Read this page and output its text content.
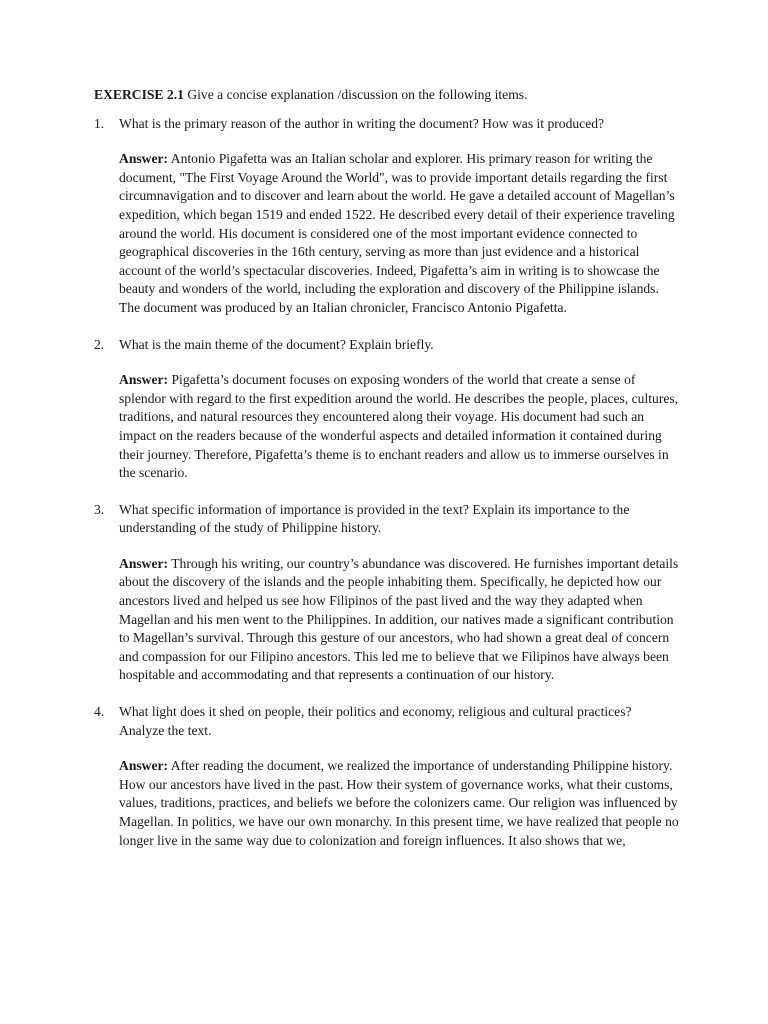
EXERCISE 2.1 Give a concise explanation /discussion on the following items.

1.	What is the primary reason of the author in writing the document? How was it produced?
Answer: Antonio Pigafetta was an Italian scholar and explorer. His primary reason for writing the document, "The First Voyage Around the World", was to provide important details regarding the first circumnavigation and to discover and learn about the world. He gave a detailed account of Magellan’s expedition, which began 1519 and ended 1522. He described every detail of their experience traveling around the world. His document is considered one of the most important evidence connected to geographical discoveries in the 16th century, serving as more than just evidence and a historical account of the world’s spectacular discoveries. Indeed, Pigafetta’s aim in writing is to showcase the beauty and wonders of the world, including the exploration and discovery of the Philippine islands. The document was produced by an Italian chronicler, Francisco Antonio Pigafetta.
2.	What is the main theme of the document? Explain briefly.
Answer: Pigafetta’s document focuses on exposing wonders of the world that create a sense of splendor with regard to the first expedition around the world. He describes the people, places, cultures, traditions, and natural resources they encountered along their voyage. His document had such an impact on the readers because of the wonderful aspects and detailed information it contained during their journey. Therefore, Pigafetta’s theme is to enchant readers and allow us to immerse ourselves in the scenario.
3.	What specific information of importance is provided in the text? Explain its importance to the understanding of the study of Philippine history.
Answer: Through his writing, our country’s abundance was discovered. He furnishes important details about the discovery of the islands and the people inhabiting them. Specifically, he depicted how our ancestors lived and helped us see how Filipinos of the past lived and the way they adapted when Magellan and his men went to the Philippines. In addition, our natives made a significant contribution to Magellan’s survival. Through this gesture of our ancestors, who had shown a great deal of concern and compassion for our Filipino ancestors. This led me to believe that we Filipinos have always been hospitable and accommodating and that represents a continuation of our history.
4.	What light does it shed on people, their politics and economy, religious and cultural practices? Analyze the text.
Answer: After reading the document, we realized the importance of understanding Philippine history. How our ancestors have lived in the past. How their system of governance works, what their customs, values, traditions, practices, and beliefs we before the colonizers came. Our religion was influenced by Magellan. In politics, we have our own monarchy. In this present time, we have realized that people no longer live in the same way due to colonization and foreign influences. It also shows that we,
